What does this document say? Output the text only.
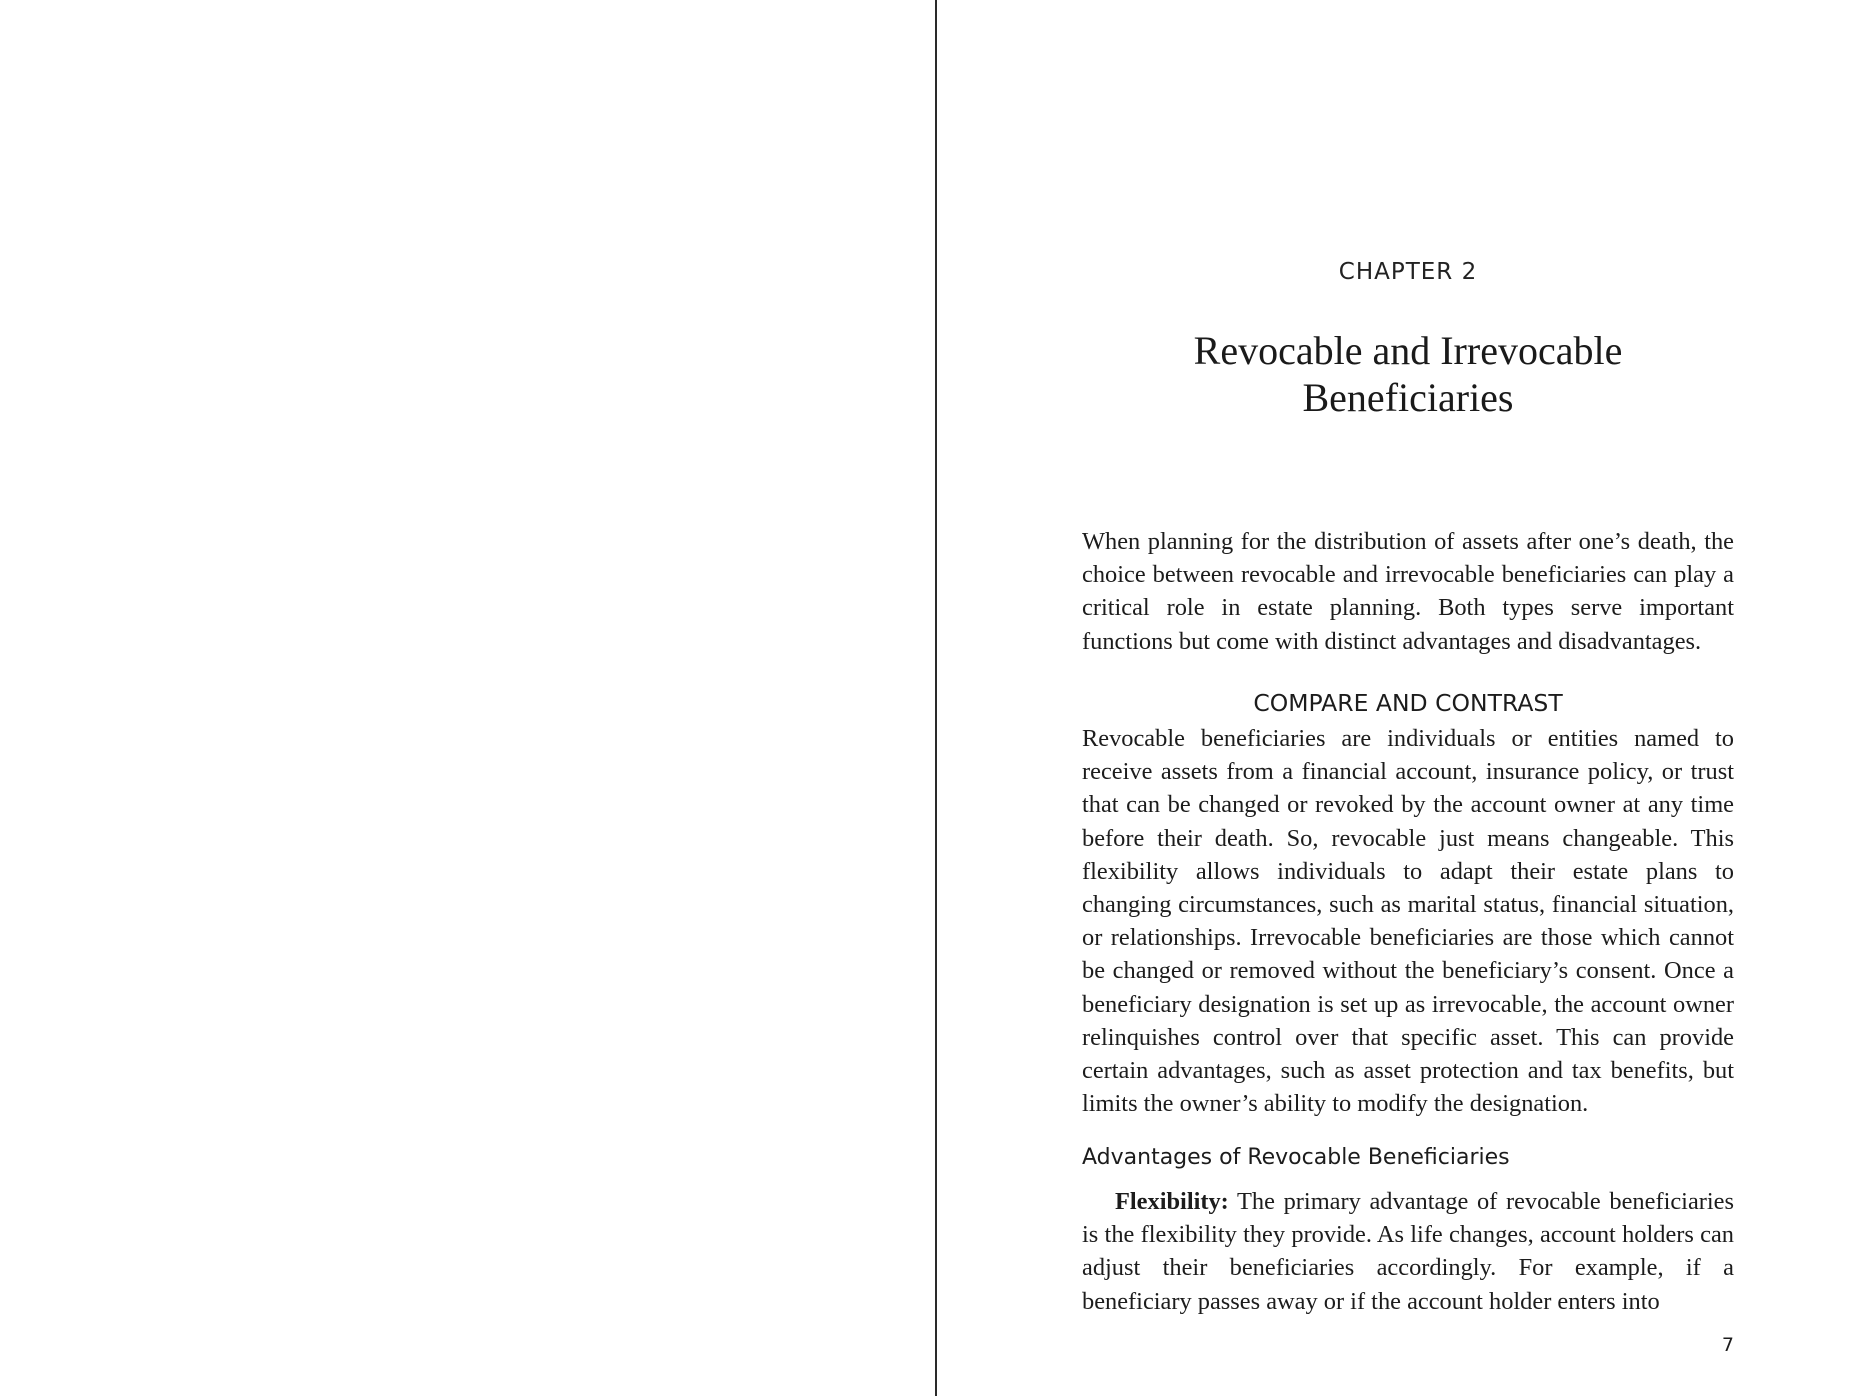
CHAPTER 2
Revocable and Irrevocable
Beneficiaries

When planning for the distribution of assets after one’s death, the choice between revocable and irrevocable beneficiaries can play a critical role in estate planning. Both types serve important functions but come with distinct advantages and disadvantages.

COMPARE AND CONTRAST

Revocable beneficiaries are individuals or entities named to receive assets from a financial account, insurance policy, or trust that can be changed or revoked by the account owner at any time before their death. So, revocable just means changeable. This flexibility allows individuals to adapt their estate plans to changing circumstances, such as marital status, financial situation, or relationships. Irrevocable beneficiaries are those which cannot be changed or removed without the beneficiary’s consent. Once a beneficiary designation is set up as irrevocable, the account owner relinquishes control over that specific asset. This can provide certain advantages, such as asset protection and tax benefits, but limits the owner’s ability to modify the designation.

Advantages of Revocable Beneficiaries

Flexibility: The primary advantage of revocable beneficiaries is the flexibility they provide. As life changes, account holders can adjust their beneficiaries accordingly. For example, if a beneficiary passes away or if the account holder enters into

7
